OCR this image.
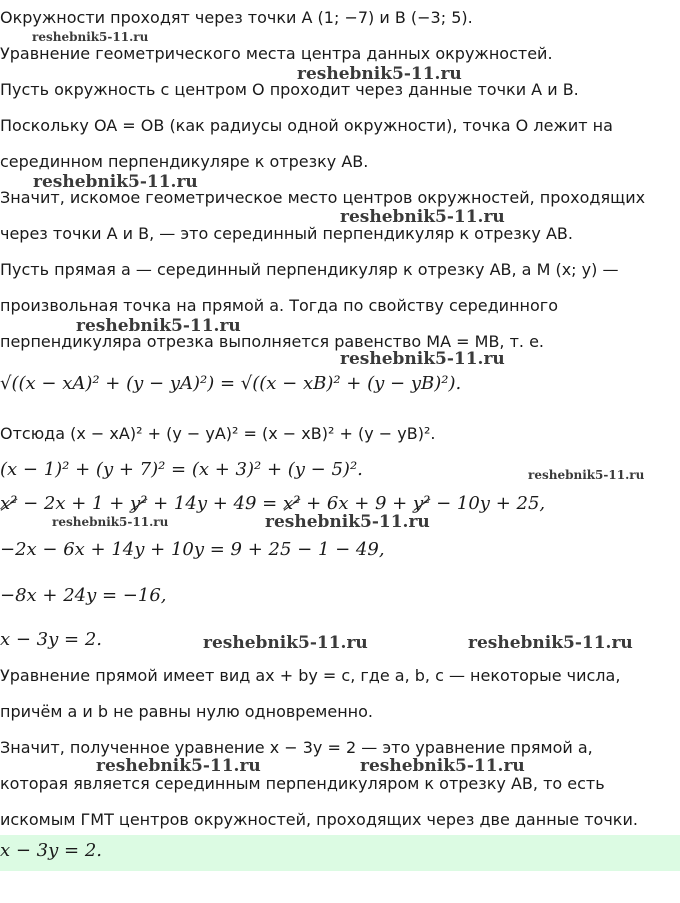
Окружности проходят через точки A (1; −7) и B (−3; 5).
Уравнение геометрического места центра данных окружностей.
Пусть окружность с центром O проходит через данные точки A и B.
Поскольку OA = OB (как радиусы одной окружности), точка O лежит на
серединном перпендикуляре к отрезку AB.
Значит, искомое геометрическое место центров окружностей, проходящих
через точки A и B, — это серединный перпендикуляр к отрезку AB.
Пусть прямая a — серединный перпендикуляр к отрезку AB, а M (x; y) —
произвольная точка на прямой a. Тогда по свойству серединного
перпендикуляра отрезка выполняется равенство MA = MB, т. е.
√((x − xA)² + (y − yA)²) = √((x − xB)² + (y − yB)²).
Отсюда (x − xA)² + (y − yA)² = (x − xB)² + (y − yB)².
(x − 1)² + (y + 7)² = (x + 3)² + (y − 5)².
x² − 2x + 1 + y² + 14y + 49 = x² + 6x + 9 + y² − 10y + 25,
−2x − 6x + 14y + 10y = 9 + 25 − 1 − 49,
−8x + 24y = −16,
x − 3y = 2.
Уравнение прямой имеет вид ax + by = c, где a, b, c — некоторые числа,
причём a и b не равны нулю одновременно.
Значит, полученное уравнение x − 3y = 2 — это уравнение прямой a,
которая является серединным перпендикуляром к отрезку AB, то есть
искомым ГМТ центров окружностей, проходящих через две данные точки.
x − 3y = 2.
reshebnik5-11.ru
reshebnik5-11.ru
reshebnik5-11.ru
reshebnik5-11.ru
reshebnik5-11.ru
reshebnik5-11.ru
reshebnik5-11.ru
reshebnik5-11.ru	reshebnik5-11.ru
reshebnik5-11.ru	reshebnik5-11.ru
reshebnik5-11.ru	reshebnik5-11.ru
